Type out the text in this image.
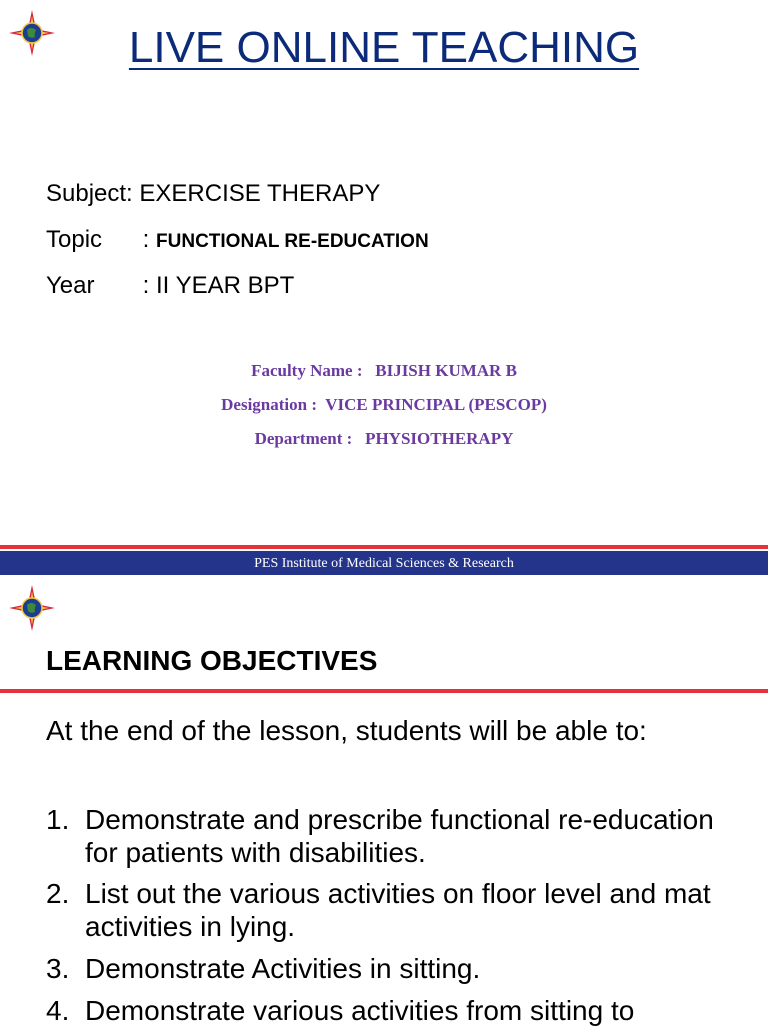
LIVE ONLINE TEACHING
Subject: EXERCISE THERAPY
Topic : FUNCTIONAL RE-EDUCATION
Year : II YEAR BPT
Faculty Name : BIJISH KUMAR B
Designation : VICE PRINCIPAL (PESCOP)
Department : PHYSIOTHERAPY
PES Institute of Medical Sciences & Research
LEARNING OBJECTIVES
At the end of the lesson, students will be able to:
1. Demonstrate and prescribe functional re-education for patients with disabilities.
2. List out the various activities on floor level and mat activities in lying.
3. Demonstrate Activities in sitting.
4. Demonstrate various activities from sitting to
